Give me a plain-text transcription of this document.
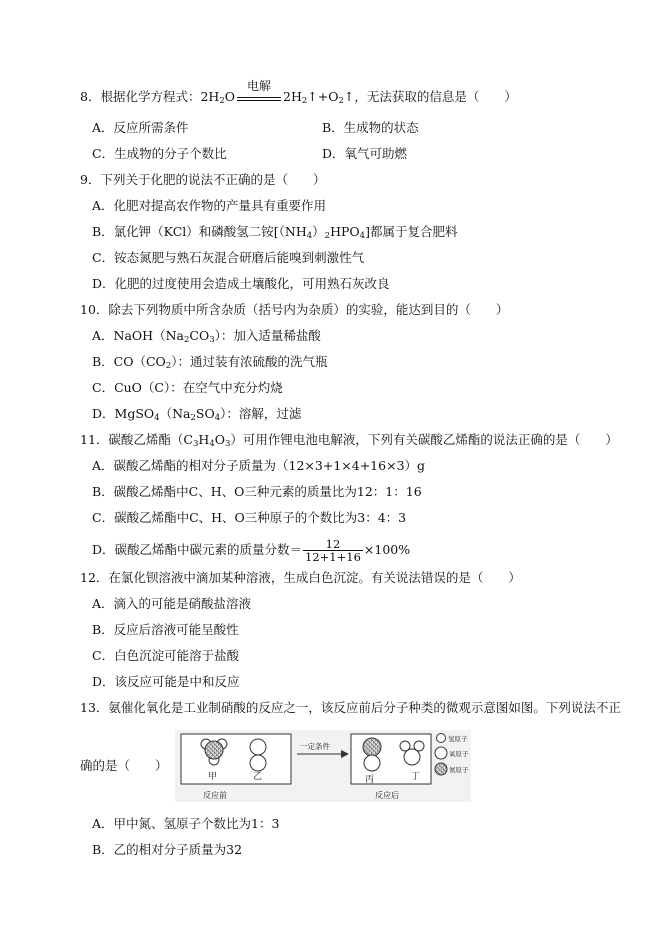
8．根据化学方程式：$2H_2O$
电解
$2H_2↑+O_2↑$，无法获取的信息是（　　）
A．反应所需条件	B．生成物的状态
C．生成物的分子个数比	D．氧气可助燃
9．下列关于化肥的说法不正确的是（　　）
A．化肥对提高农作物的产量具有重要作用
B．氯化钾（KCl）和磷酸氢二铵$[(NH_4)_2HPO_4]$都属于复合肥料
C．铵态氮肥与熟石灰混合研磨后能嗅到刺激性气
D．化肥的过度使用会造成土壤酸化，可用熟石灰改良
10．除去下列物质中所含杂质（括号内为杂质）的实验，能达到目的（　　）
A．$NaOH(Na_2CO_3)$：加入适量稀盐酸
B．$CO(CO_2)$：通过装有浓硫酸的洗气瓶
C．CuO（C）：在空气中充分灼烧
D．$MgSO_4(Na_2SO_4)$：溶解，过滤
11．碳酸乙烯酯$(C_3H_4O_3)$可用作锂电池电解液，下列有关碳酸乙烯酯的说法正确的是（　　）
A．碳酸乙烯酯的相对分子质量为（12×3+1×4+16×3）g
B．碳酸乙烯酯中C、H、O三种元素的质量比为12：1：16
C．碳酸乙烯酯中C、H、O三种原子的个数比为3：4：3
D．碳酸乙烯酯中碳元素的质量分数＝ $\frac{12}{12+1+16} \times 100\%$
12．在氯化钡溶液中滴加某种溶液，生成白色沉淀。有关说法错误的是（　　）
A．滴入的可能是硝酸盐溶液
B．反应后溶液可能呈酸性
C．白色沉淀可能溶于盐酸
D．该反应可能是中和反应
13．氨催化氧化是工业制硝酸的反应之一，该反应前后分子种类的微观示意图如图。下列说法不正
确的是（　　）
甲	乙
一定条件
丙	丁
氢原子
氧原子
氮原子
反应前	反应后
A．甲中氮、氢原子个数比为1：3
B．乙的相对分子质量为32
